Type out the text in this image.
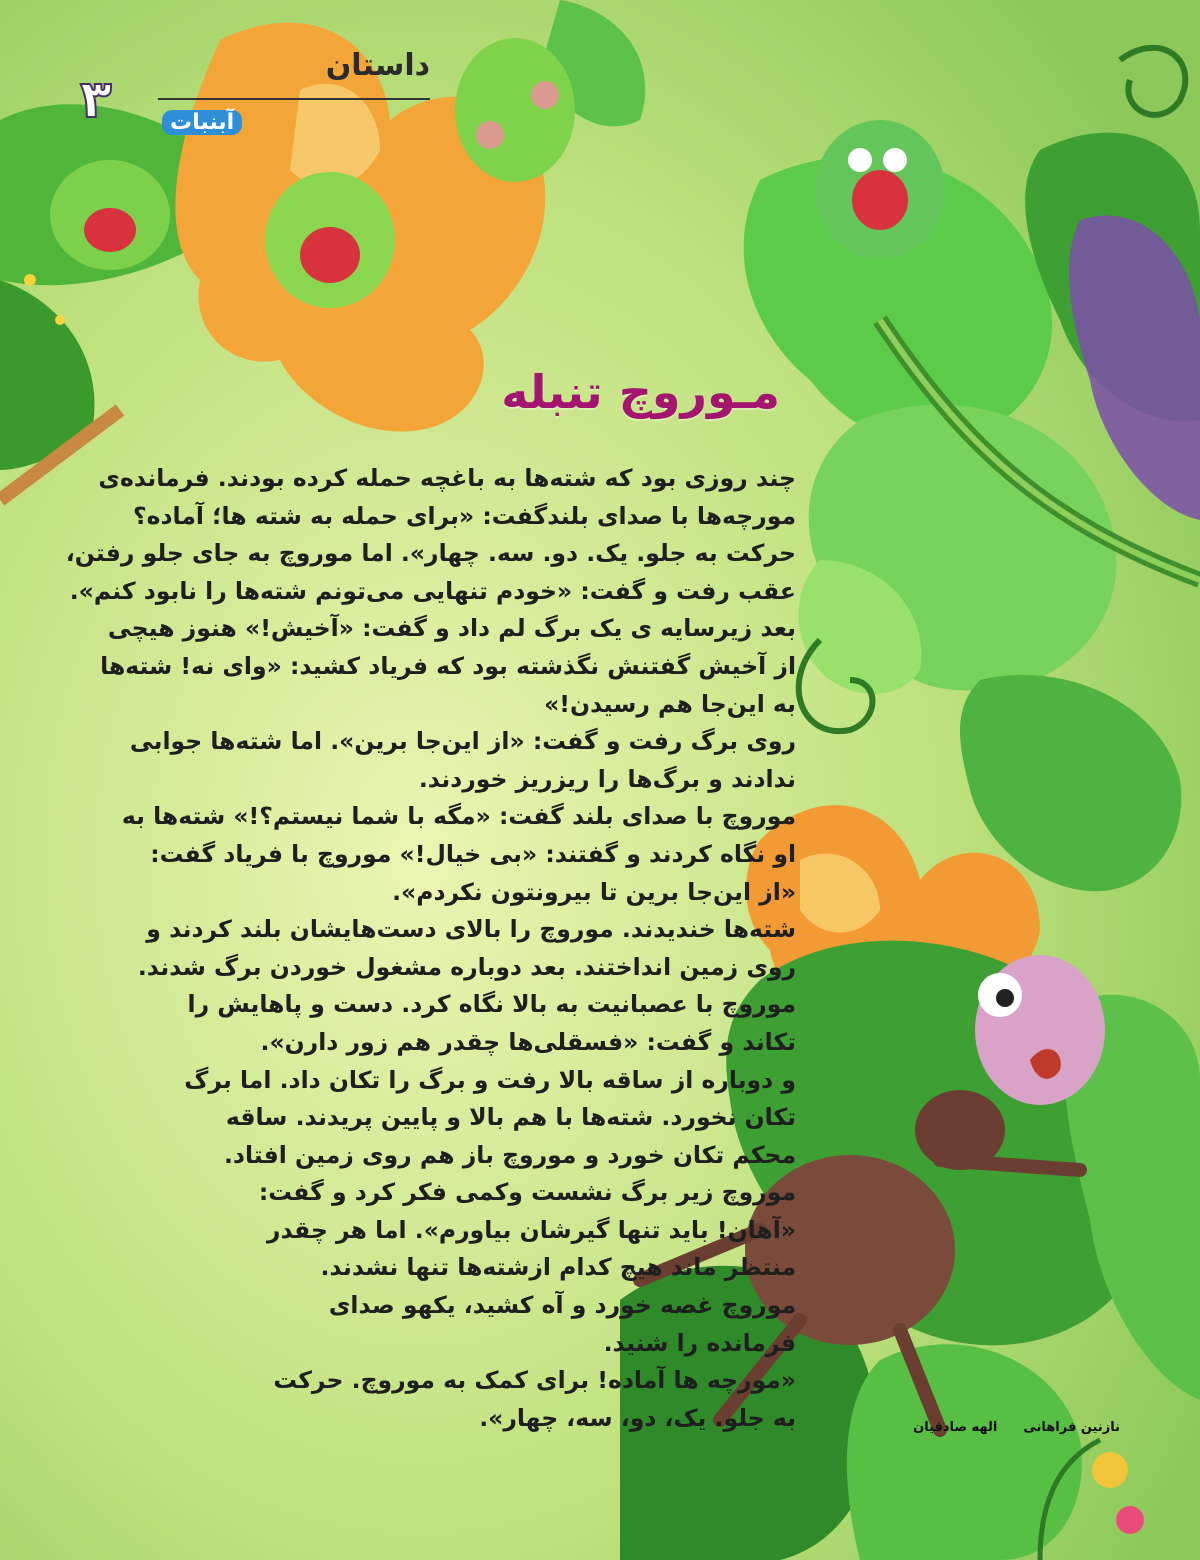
۳
داستان
آبنبات
مـوروچ تنبله

چند روزی بود که شته‌ها به باغچه حمله کرده بودند. فرمانده‌ی

مورچه‌ها با صدای بلندگفت: «برای حمله به شته ها؛ آماده؟

حرکت به جلو. یک. دو. سه. چهار». اما موروچ به جای جلو رفتن،

عقب رفت و گفت: «خودم تنهایی می‌تونم شته‌ها را نابود کنم».

بعد زیرسایه ی یک برگ لم داد و گفت: «آخیش!» هنوز هیچی

از آخیش گفتنش نگذشته بود که فریاد کشید: «وای نه! شته‌ها

به این‌جا هم رسیدن!»

روی برگ رفت و گفت: «از این‌جا برین». اما شته‌ها جوابی

ندادند و برگ‌ها را ریزریز خوردند.

موروچ با صدای بلند گفت: «مگه با شما نیستم؟!» شته‌ها به

او نگاه کردند و گفتند: «بی خیال!» موروچ با فریاد گفت:

«از این‌جا برین تا بیرونتون نکردم».

شته‌ها خندیدند. موروچ را بالای دست‌هایشان بلند کردند و

روی زمین انداختند. بعد دوباره مشغول خوردن برگ شدند.

موروچ با عصبانیت به بالا نگاه کرد. دست و پاهایش را

تکاند و گفت: «فسقلی‌ها چقدر هم زور دارن».

و دوباره از ساقه بالا رفت و برگ را تکان داد. اما برگ

تکان نخورد. شته‌ها با هم بالا و پایین پریدند. ساقه

محکم تکان خورد و موروچ باز هم روی زمین افتاد.

موروچ زیر برگ نشست وکمی فکر کرد و گفت:

«آهان! باید تنها گیرشان بیاورم». اما هر چقدر

منتظر ماند هیچ کدام ازشته‌ها تنها نشدند.

موروچ غصه خورد و آه کشید، یکهو صدای

فرمانده را شنید.

«مورچه ها آماده! برای کمک به موروچ. حرکت

به جلو. یک، دو، سه، چهار».	نازنین فراهانی
الهه صادقیان
